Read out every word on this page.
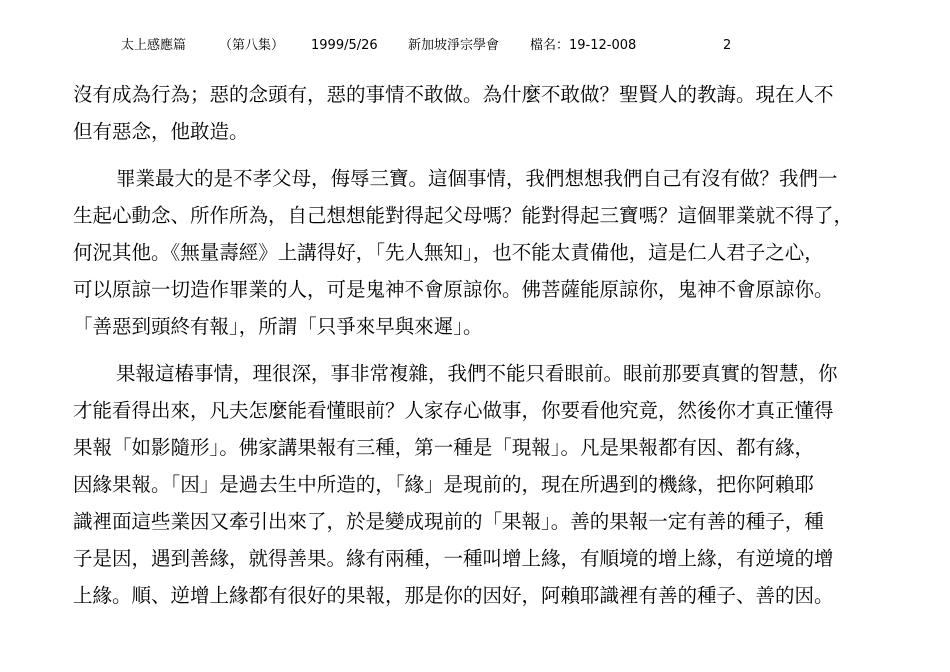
太上感應篇	（第八集） 1999/5/26 新加坡淨宗學會 檔名：19-12-008	2
沒有成為行為；惡的念頭有，惡的事情不敢做。為什麼不敢做？聖賢人的教誨。現在人不
但有惡念，他敢造。
罪業最大的是不孝父母，侮辱三寶。這個事情，我們想想我們自己有沒有做？我們一
生起心動念、所作所為，自己想想能對得起父母嗎？能對得起三寶嗎？這個罪業就不得了，
何況其他。《無量壽經》上講得好，「先人無知」，也不能太責備他，這是仁人君子之心，
可以原諒一切造作罪業的人，可是鬼神不會原諒你。佛菩薩能原諒你，鬼神不會原諒你。
「善惡到頭終有報」，所謂「只爭來早與來遲」。
果報這樁事情，理很深，事非常複雜，我們不能只看眼前。眼前那要真實的智慧，你
才能看得出來，凡夫怎麼能看懂眼前？人家存心做事，你要看他究竟，然後你才真正懂得
果報「如影隨形」。佛家講果報有三種，第一種是「現報」。凡是果報都有因、都有緣，
因緣果報。「因」是過去生中所造的，「緣」是現前的，現在所遇到的機緣，把你阿賴耶
識裡面這些業因又牽引出來了，於是變成現前的「果報」。善的果報一定有善的種子，種
子是因，遇到善緣，就得善果。緣有兩種，一種叫增上緣，有順境的增上緣，有逆境的增
上緣。順、逆增上緣都有很好的果報，那是你的因好，阿賴耶識裡有善的種子、善的因。
